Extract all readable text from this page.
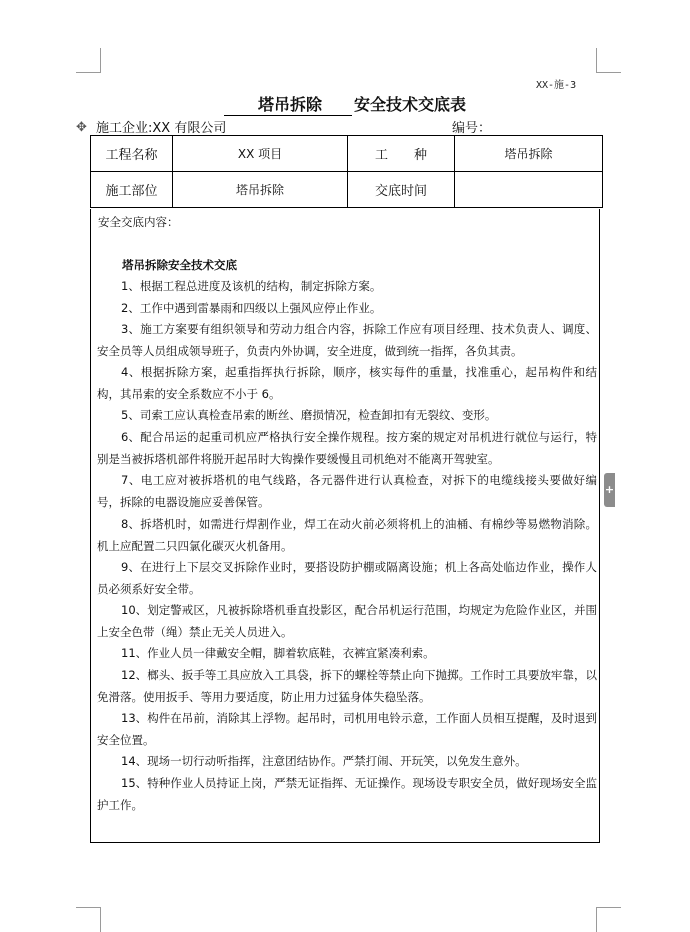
XX-施-3
塔吊拆除 安全技术交底表
✥ 施工企业:XX 有限公司	编号：
工程名称	XX 项目	工　　种	塔吊拆除
施工部位	塔吊拆除	交底时间	
安全交底内容：
塔吊拆除安全技术交底

1、根据工程总进度及该机的结构，制定拆除方案。

2、工作中遇到雷暴雨和四级以上强风应停止作业。

3、施工方案要有组织领导和劳动力组合内容，拆除工作应有项目经理、技术负责人、调度、安全员等人员组成领导班子，负责内外协调，安全进度，做到统一指挥，各负其责。

4、根据拆除方案，起重指挥执行拆除，顺序，核实每件的重量，找准重心，起吊构件和结构，其吊索的安全系数应不小于 6。

5、司索工应认真检查吊索的断丝、磨损情况，检查卸扣有无裂纹、变形。

6、配合吊运的起重司机应严格执行安全操作规程。按方案的规定对吊机进行就位与运行，特别是当被拆塔机部件将脱开起吊时大钩操作要缓慢且司机绝对不能离开驾驶室。

7、电工应对被拆塔机的电气线路，各元器件进行认真检查，对拆下的电缆线接头要做好编号，拆除的电器设施应妥善保管。

8、拆塔机时，如需进行焊割作业，焊工在动火前必须将机上的油桶、有棉纱等易燃物消除。机上应配置二只四氯化碳灭火机备用。

9、在进行上下层交叉拆除作业时，要搭设防护棚或隔离设施；机上各高处临边作业，操作人员必须系好安全带。

10、划定警戒区，凡被拆除塔机垂直投影区，配合吊机运行范围，均规定为危险作业区，并围上安全色带（绳）禁止无关人员进入。

11、作业人员一律戴安全帽，脚着软底鞋，衣裤宜紧凑利索。

12、榔头、扳手等工具应放入工具袋，拆下的螺栓等禁止向下抛掷。工作时工具要放牢靠，以免滑落。使用扳手、等用力要适度，防止用力过猛身体失稳坠落。

13、构件在吊前，消除其上浮物。起吊时，司机用电铃示意，工作面人员相互提醒，及时退到安全位置。

14、现场一切行动听指挥，注意团结协作。严禁打闹、开玩笑，以免发生意外。

15、特种作业人员持证上岗，严禁无证指挥、无证操作。现场设专职安全员，做好现场安全监护工作。

+
